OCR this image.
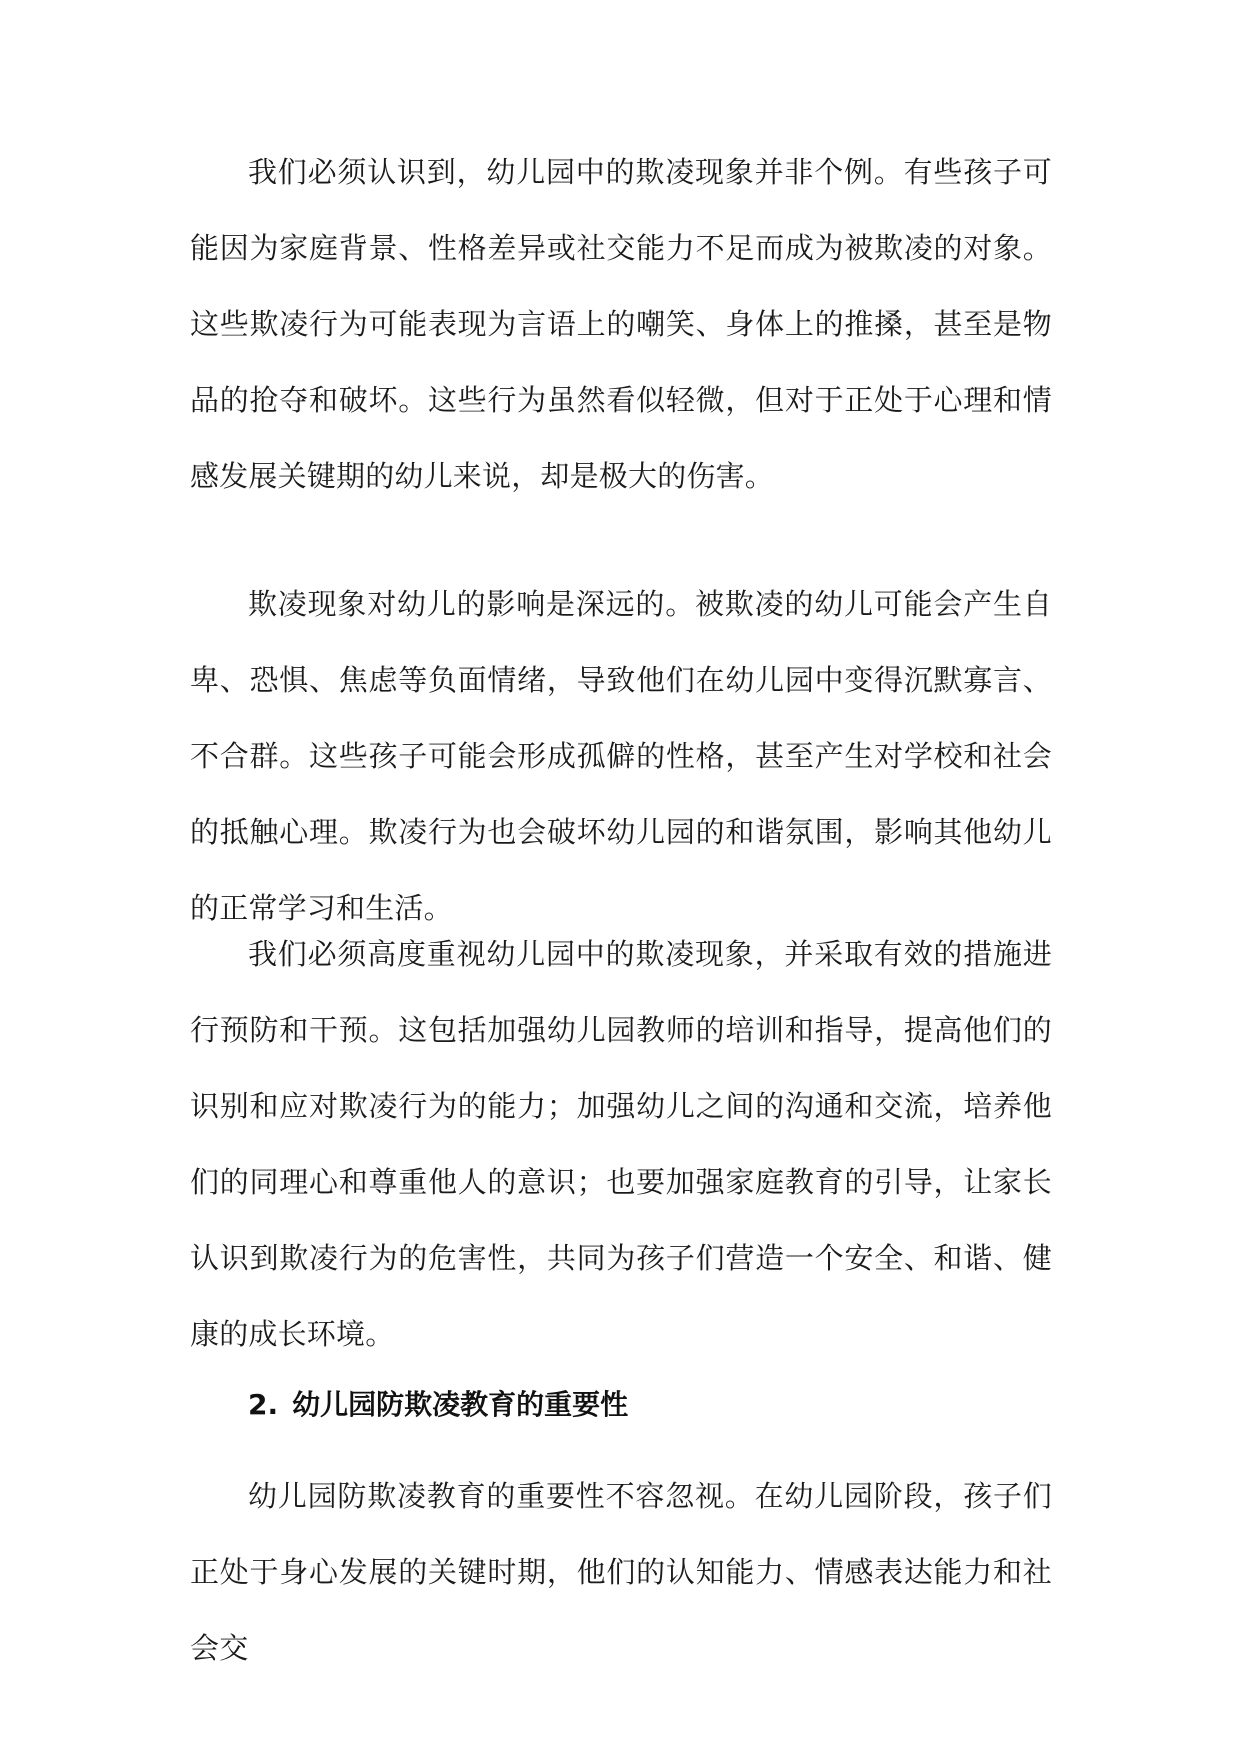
我们必须认识到，幼儿园中的欺凌现象并非个例。有些孩子可能因为家庭背景、性格差异或社交能力不足而成为被欺凌的对象。这些欺凌行为可能表现为言语上的嘲笑、身体上的推搡，甚至是物品的抢夺和破坏。这些行为虽然看似轻微，但对于正处于心理和情感发展关键期的幼儿来说，却是极大的伤害。

欺凌现象对幼儿的影响是深远的。被欺凌的幼儿可能会产生自卑、恐惧、焦虑等负面情绪，导致他们在幼儿园中变得沉默寡言、不合群。这些孩子可能会形成孤僻的性格，甚至产生对学校和社会的抵触心理。欺凌行为也会破坏幼儿园的和谐氛围，影响其他幼儿的正常学习和生活。

我们必须高度重视幼儿园中的欺凌现象，并采取有效的措施进行预防和干预。这包括加强幼儿园教师的培训和指导，提高他们的识别和应对欺凌行为的能力；加强幼儿之间的沟通和交流，培养他们的同理心和尊重他人的意识；也要加强家庭教育的引导，让家长认识到欺凌行为的危害性，共同为孩子们营造一个安全、和谐、健康的成长环境。

2. 幼儿园防欺凌教育的重要性

幼儿园防欺凌教育的重要性不容忽视。在幼儿园阶段，孩子们正处于身心发展的关键时期，他们的认知能力、情感表达能力和社会交
